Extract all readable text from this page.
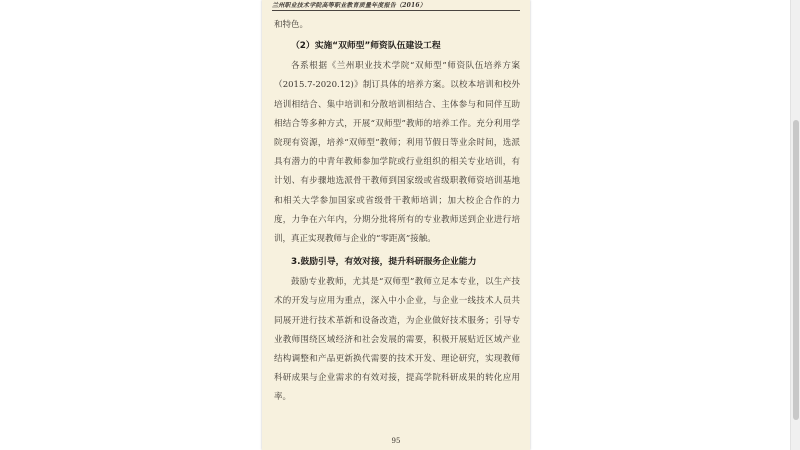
兰州职业技术学院高等职业教育质量年度报告（2016）

和特色。

（2）实施“双师型”师资队伍建设工程

各系根据《兰州职业技术学院“双师型”师资队伍培养方案（2015.7-2020.12)》制订具体的培养方案。以校本培训和校外培训相结合、集中培训和分散培训相结合、主体参与和同伴互助相结合等多种方式，开展“双师型”教师的培养工作。充分利用学院现有资源，培养“双师型”教师；利用节假日等业余时间，选派具有潜力的中青年教师参加学院或行业组织的相关专业培训，有计划、有步骤地选派骨干教师到国家级或省级职教师资培训基地和相关大学参加国家或省级骨干教师培训；加大校企合作的力度，力争在六年内，分期分批将所有的专业教师送到企业进行培训，真正实现教师与企业的“零距离”接触。

3.鼓励引导，有效对接，提升科研服务企业能力

鼓励专业教师，尤其是“双师型”教师立足本专业，以生产技术的开发与应用为重点，深入中小企业，与企业一线技术人员共同展开进行技术革新和设备改造，为企业做好技术服务；引导专业教师围绕区域经济和社会发展的需要，积极开展贴近区域产业结构调整和产品更新换代需要的技术开发、理论研究，实现教师科研成果与企业需求的有效对接，提高学院科研成果的转化应用率。

95
